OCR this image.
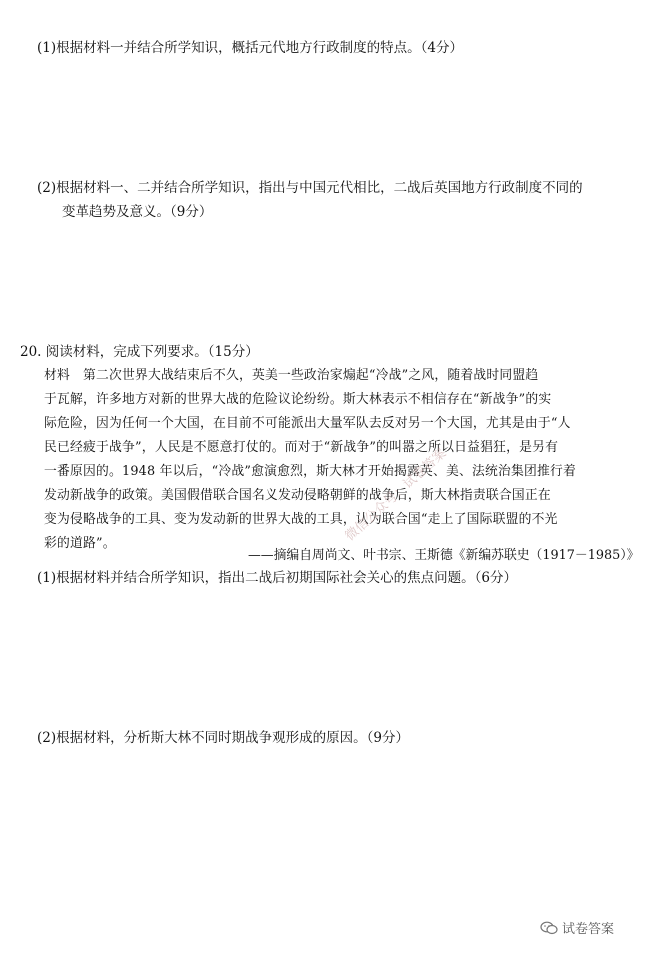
(1)根据材料一并结合所学知识，概括元代地方行政制度的特点。（4分）
(2)根据材料一、二并结合所学知识，指出与中国元代相比，二战后英国地方行政制度不同的
变革趋势及意义。（9分）
20. 阅读材料，完成下列要求。（15分）
材料　第二次世界大战结束后不久，英美一些政治家煽起“冷战”之风，随着战时同盟趋
于瓦解，许多地方对新的世界大战的危险议论纷纷。斯大林表示不相信存在“新战争”的实
际危险，因为任何一个大国，在目前不可能派出大量军队去反对另一个大国，尤其是由于“人
民已经疲于战争”，人民是不愿意打仗的。而对于“新战争”的叫嚣之所以日益猖狂，是另有
一番原因的。1948 年以后，“冷战”愈演愈烈，斯大林才开始揭露英、美、法统治集团推行着
发动新战争的政策。美国假借联合国名义发动侵略朝鲜的战争后，斯大林指责联合国正在
变为侵略战争的工具、变为发动新的世界大战的工具，认为联合国“走上了国际联盟的不光
彩的道路”。
——摘编自周尚文、叶书宗、王斯德《新编苏联史（1917－1985）》
(1)根据材料并结合所学知识，指出二战后初期国际社会关心的焦点问题。（6分）
(2)根据材料，分析斯大林不同时期战争观形成的原因。（9分）
微信公众号：试卷答案
试卷答案
